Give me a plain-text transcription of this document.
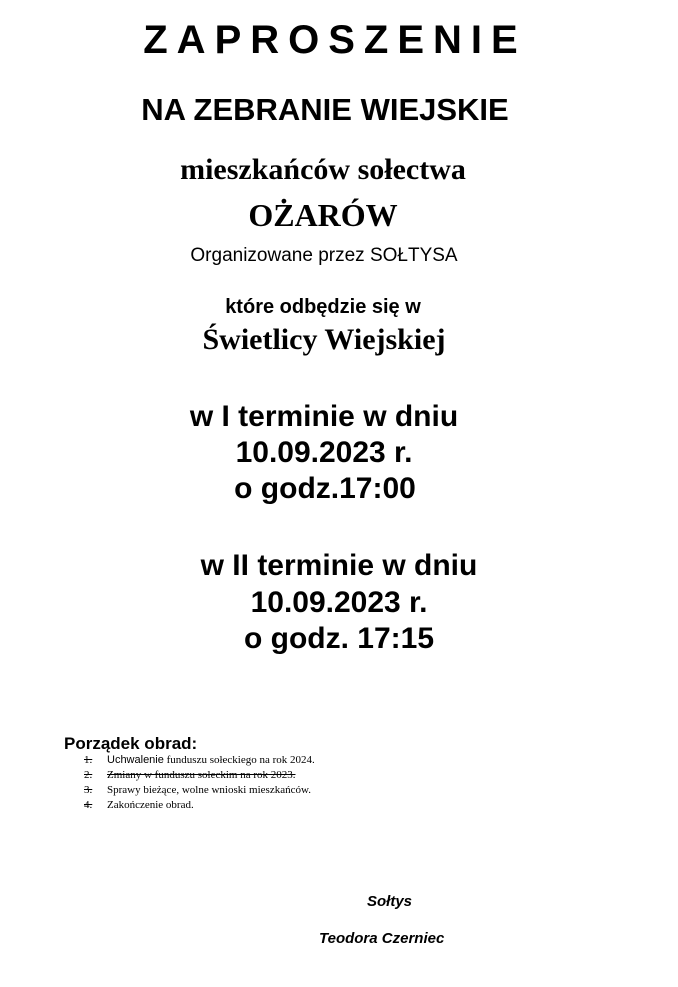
ZAPROSZENIE
NA ZEBRANIE WIEJSKIE
mieszkańców sołectwa
OŻARÓW
Organizowane przez SOŁTYSA
które odbędzie się w
Świetlicy Wiejskiej
w I terminie w dniu
10.09.2023 r.
o godz.17:00
w II terminie w dniu
10.09.2023 r.
o godz. 17:15
Porządek obrad:
1. Uchwalenie funduszu sołeckiego na rok 2024.
2. Zmiany w funduszu sołeckim na rok 2023.
3. Sprawy bieżące, wolne wnioski mieszkańców.
4. Zakończenie obrad.
Sołtys
Teodora Czerniec
